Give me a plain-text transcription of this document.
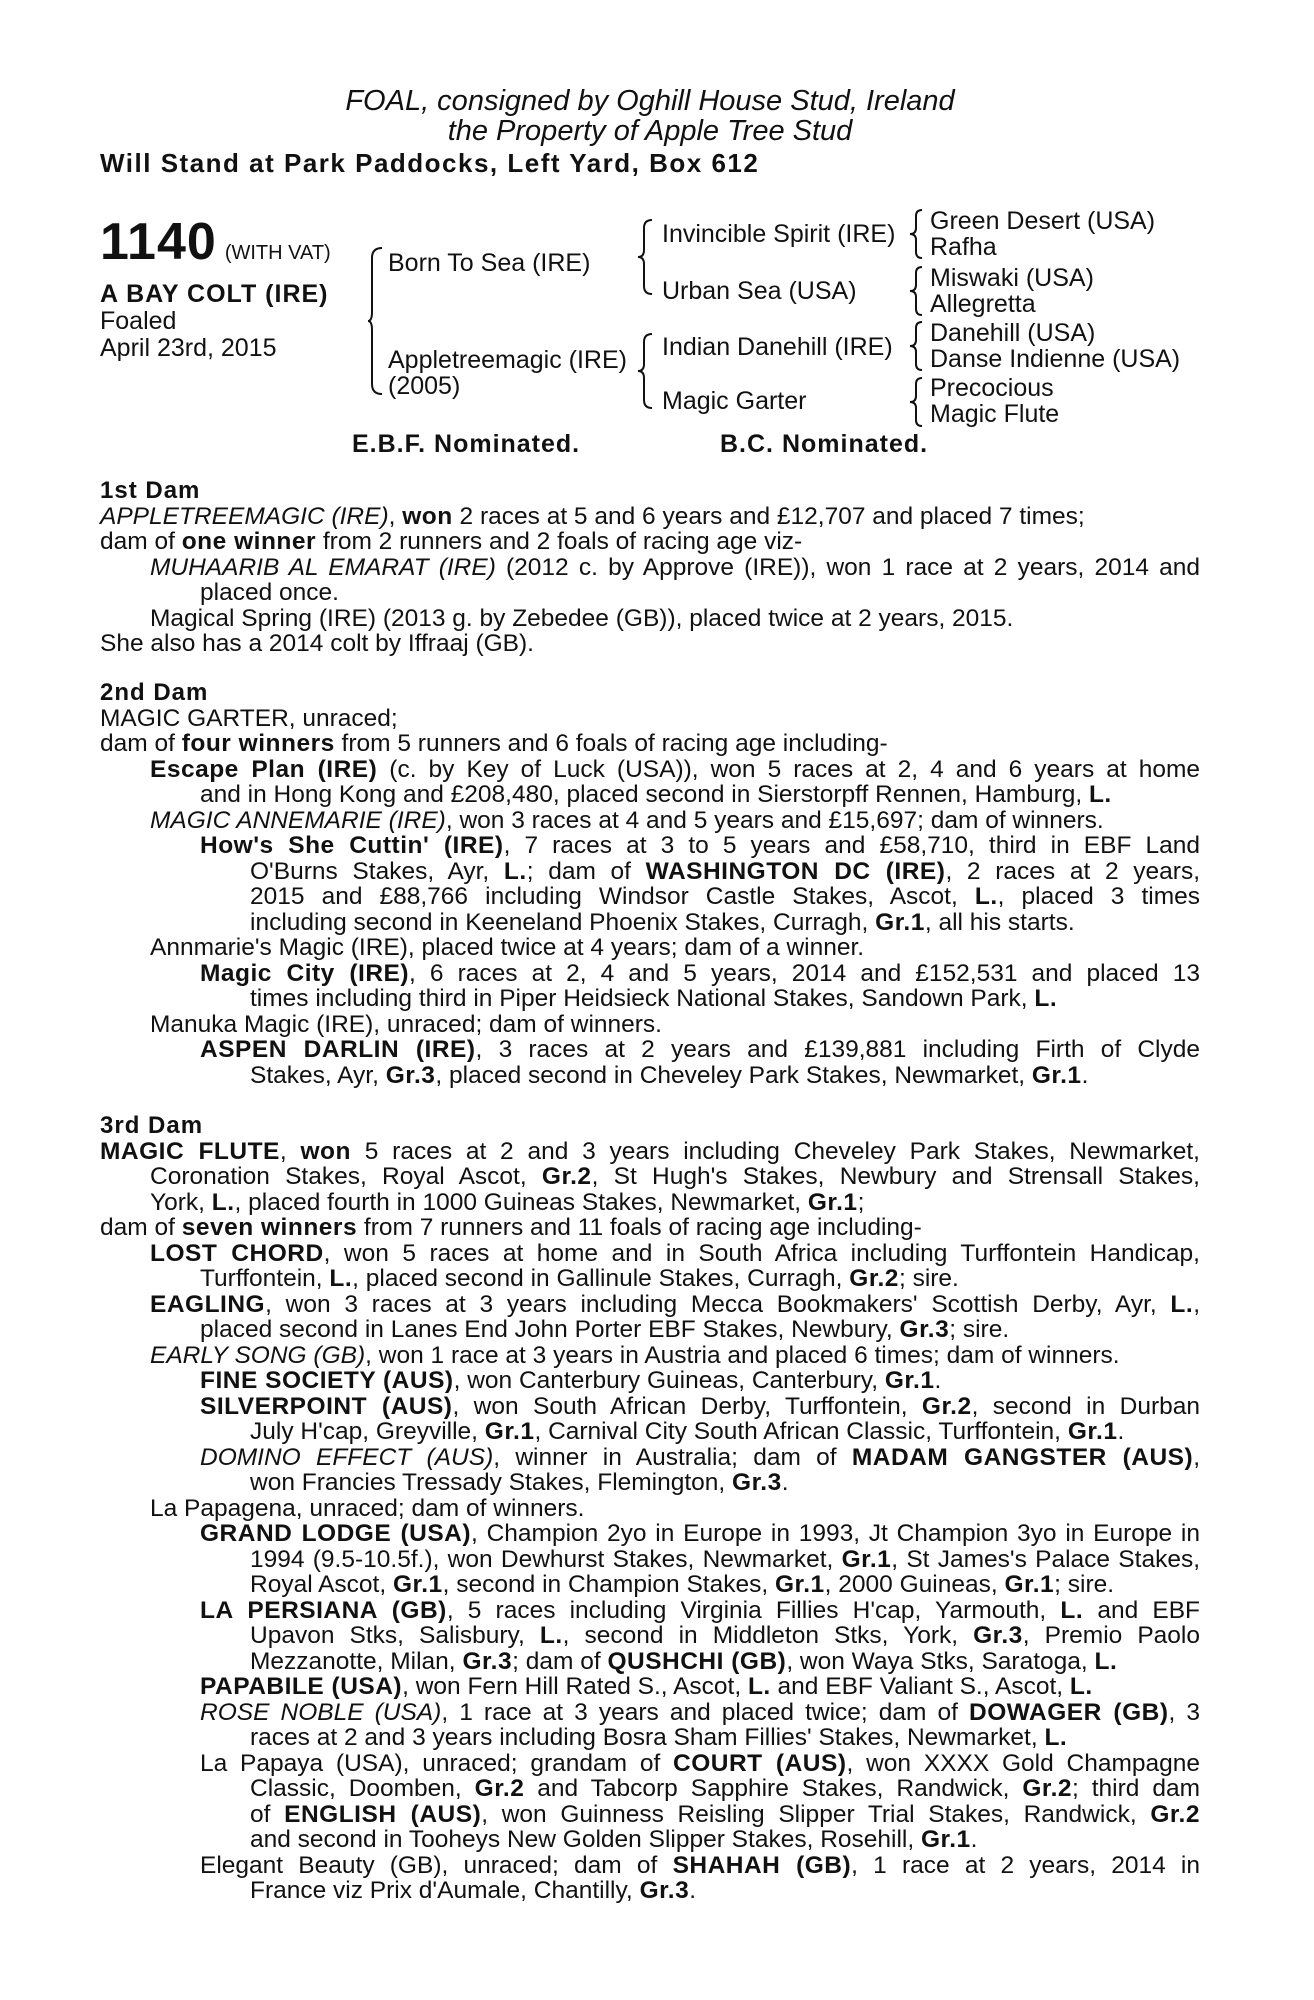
FOAL, consigned by Oghill House Stud, Ireland
the Property of Apple Tree Stud
Will Stand at Park Paddocks, Left Yard, Box 612
1140 (WITH VAT)
A BAY COLT (IRE)
Foaled
April 23rd, 2015
Born To Sea (IRE)
Appletreemagic (IRE)
(2005)
Invincible Spirit (IRE)
Urban Sea (USA)
Indian Danehill (IRE)
Magic Garter
Green Desert (USA)
Rafha
Miswaki (USA)
Allegretta
Danehill (USA)
Danse Indienne (USA)
Precocious
Magic Flute
E.B.F. Nominated.	B.C. Nominated.
1st Dam
APPLETREEMAGIC (IRE), won 2 races at 5 and 6 years and £12,707 and placed 7 times;
dam of one winner from 2 runners and 2 foals of racing age viz-
MUHAARIB AL EMARAT (IRE) (2012 c. by Approve (IRE)), won 1 race at 2 years, 2014 and
placed once.
Magical Spring (IRE) (2013 g. by Zebedee (GB)), placed twice at 2 years, 2015.
She also has a 2014 colt by Iffraaj (GB).
2nd Dam
MAGIC GARTER, unraced;
dam of four winners from 5 runners and 6 foals of racing age including-
Escape Plan (IRE) (c. by Key of Luck (USA)), won 5 races at 2, 4 and 6 years at home
and in Hong Kong and £208,480, placed second in Sierstorpff Rennen, Hamburg, L.
MAGIC ANNEMARIE (IRE), won 3 races at 4 and 5 years and £15,697; dam of winners.
How's She Cuttin' (IRE), 7 races at 3 to 5 years and £58,710, third in EBF Land
O'Burns Stakes, Ayr, L.; dam of WASHINGTON DC (IRE), 2 races at 2 years,
2015 and £88,766 including Windsor Castle Stakes, Ascot, L., placed 3 times
including second in Keeneland Phoenix Stakes, Curragh, Gr.1, all his starts.
Annmarie's Magic (IRE), placed twice at 4 years; dam of a winner.
Magic City (IRE), 6 races at 2, 4 and 5 years, 2014 and £152,531 and placed 13
times including third in Piper Heidsieck National Stakes, Sandown Park, L.
Manuka Magic (IRE), unraced; dam of winners.
ASPEN DARLIN (IRE), 3 races at 2 years and £139,881 including Firth of Clyde
Stakes, Ayr, Gr.3, placed second in Cheveley Park Stakes, Newmarket, Gr.1.
3rd Dam
MAGIC FLUTE, won 5 races at 2 and 3 years including Cheveley Park Stakes, Newmarket,
Coronation Stakes, Royal Ascot, Gr.2, St Hugh's Stakes, Newbury and Strensall Stakes,
York, L., placed fourth in 1000 Guineas Stakes, Newmarket, Gr.1;
dam of seven winners from 7 runners and 11 foals of racing age including-
LOST CHORD, won 5 races at home and in South Africa including Turffontein Handicap,
Turffontein, L., placed second in Gallinule Stakes, Curragh, Gr.2; sire.
EAGLING, won 3 races at 3 years including Mecca Bookmakers' Scottish Derby, Ayr, L.,
placed second in Lanes End John Porter EBF Stakes, Newbury, Gr.3; sire.
EARLY SONG (GB), won 1 race at 3 years in Austria and placed 6 times; dam of winners.
FINE SOCIETY (AUS), won Canterbury Guineas, Canterbury, Gr.1.
SILVERPOINT (AUS), won South African Derby, Turffontein, Gr.2, second in Durban
July H'cap, Greyville, Gr.1, Carnival City South African Classic, Turffontein, Gr.1.
DOMINO EFFECT (AUS), winner in Australia; dam of MADAM GANGSTER (AUS),
won Francies Tressady Stakes, Flemington, Gr.3.
La Papagena, unraced; dam of winners.
GRAND LODGE (USA), Champion 2yo in Europe in 1993, Jt Champion 3yo in Europe in
1994 (9.5-10.5f.), won Dewhurst Stakes, Newmarket, Gr.1, St James's Palace Stakes,
Royal Ascot, Gr.1, second in Champion Stakes, Gr.1, 2000 Guineas, Gr.1; sire.
LA PERSIANA (GB), 5 races including Virginia Fillies H'cap, Yarmouth, L. and EBF
Upavon Stks, Salisbury, L., second in Middleton Stks, York, Gr.3, Premio Paolo
Mezzanotte, Milan, Gr.3; dam of QUSHCHI (GB), won Waya Stks, Saratoga, L.
PAPABILE (USA), won Fern Hill Rated S., Ascot, L. and EBF Valiant S., Ascot, L.
ROSE NOBLE (USA), 1 race at 3 years and placed twice; dam of DOWAGER (GB), 3
races at 2 and 3 years including Bosra Sham Fillies' Stakes, Newmarket, L.
La Papaya (USA), unraced; grandam of COURT (AUS), won XXXX Gold Champagne
Classic, Doomben, Gr.2 and Tabcorp Sapphire Stakes, Randwick, Gr.2; third dam
of ENGLISH (AUS), won Guinness Reisling Slipper Trial Stakes, Randwick, Gr.2
and second in Tooheys New Golden Slipper Stakes, Rosehill, Gr.1.
Elegant Beauty (GB), unraced; dam of SHAHAH (GB), 1 race at 2 years, 2014 in
France viz Prix d'Aumale, Chantilly, Gr.3.
